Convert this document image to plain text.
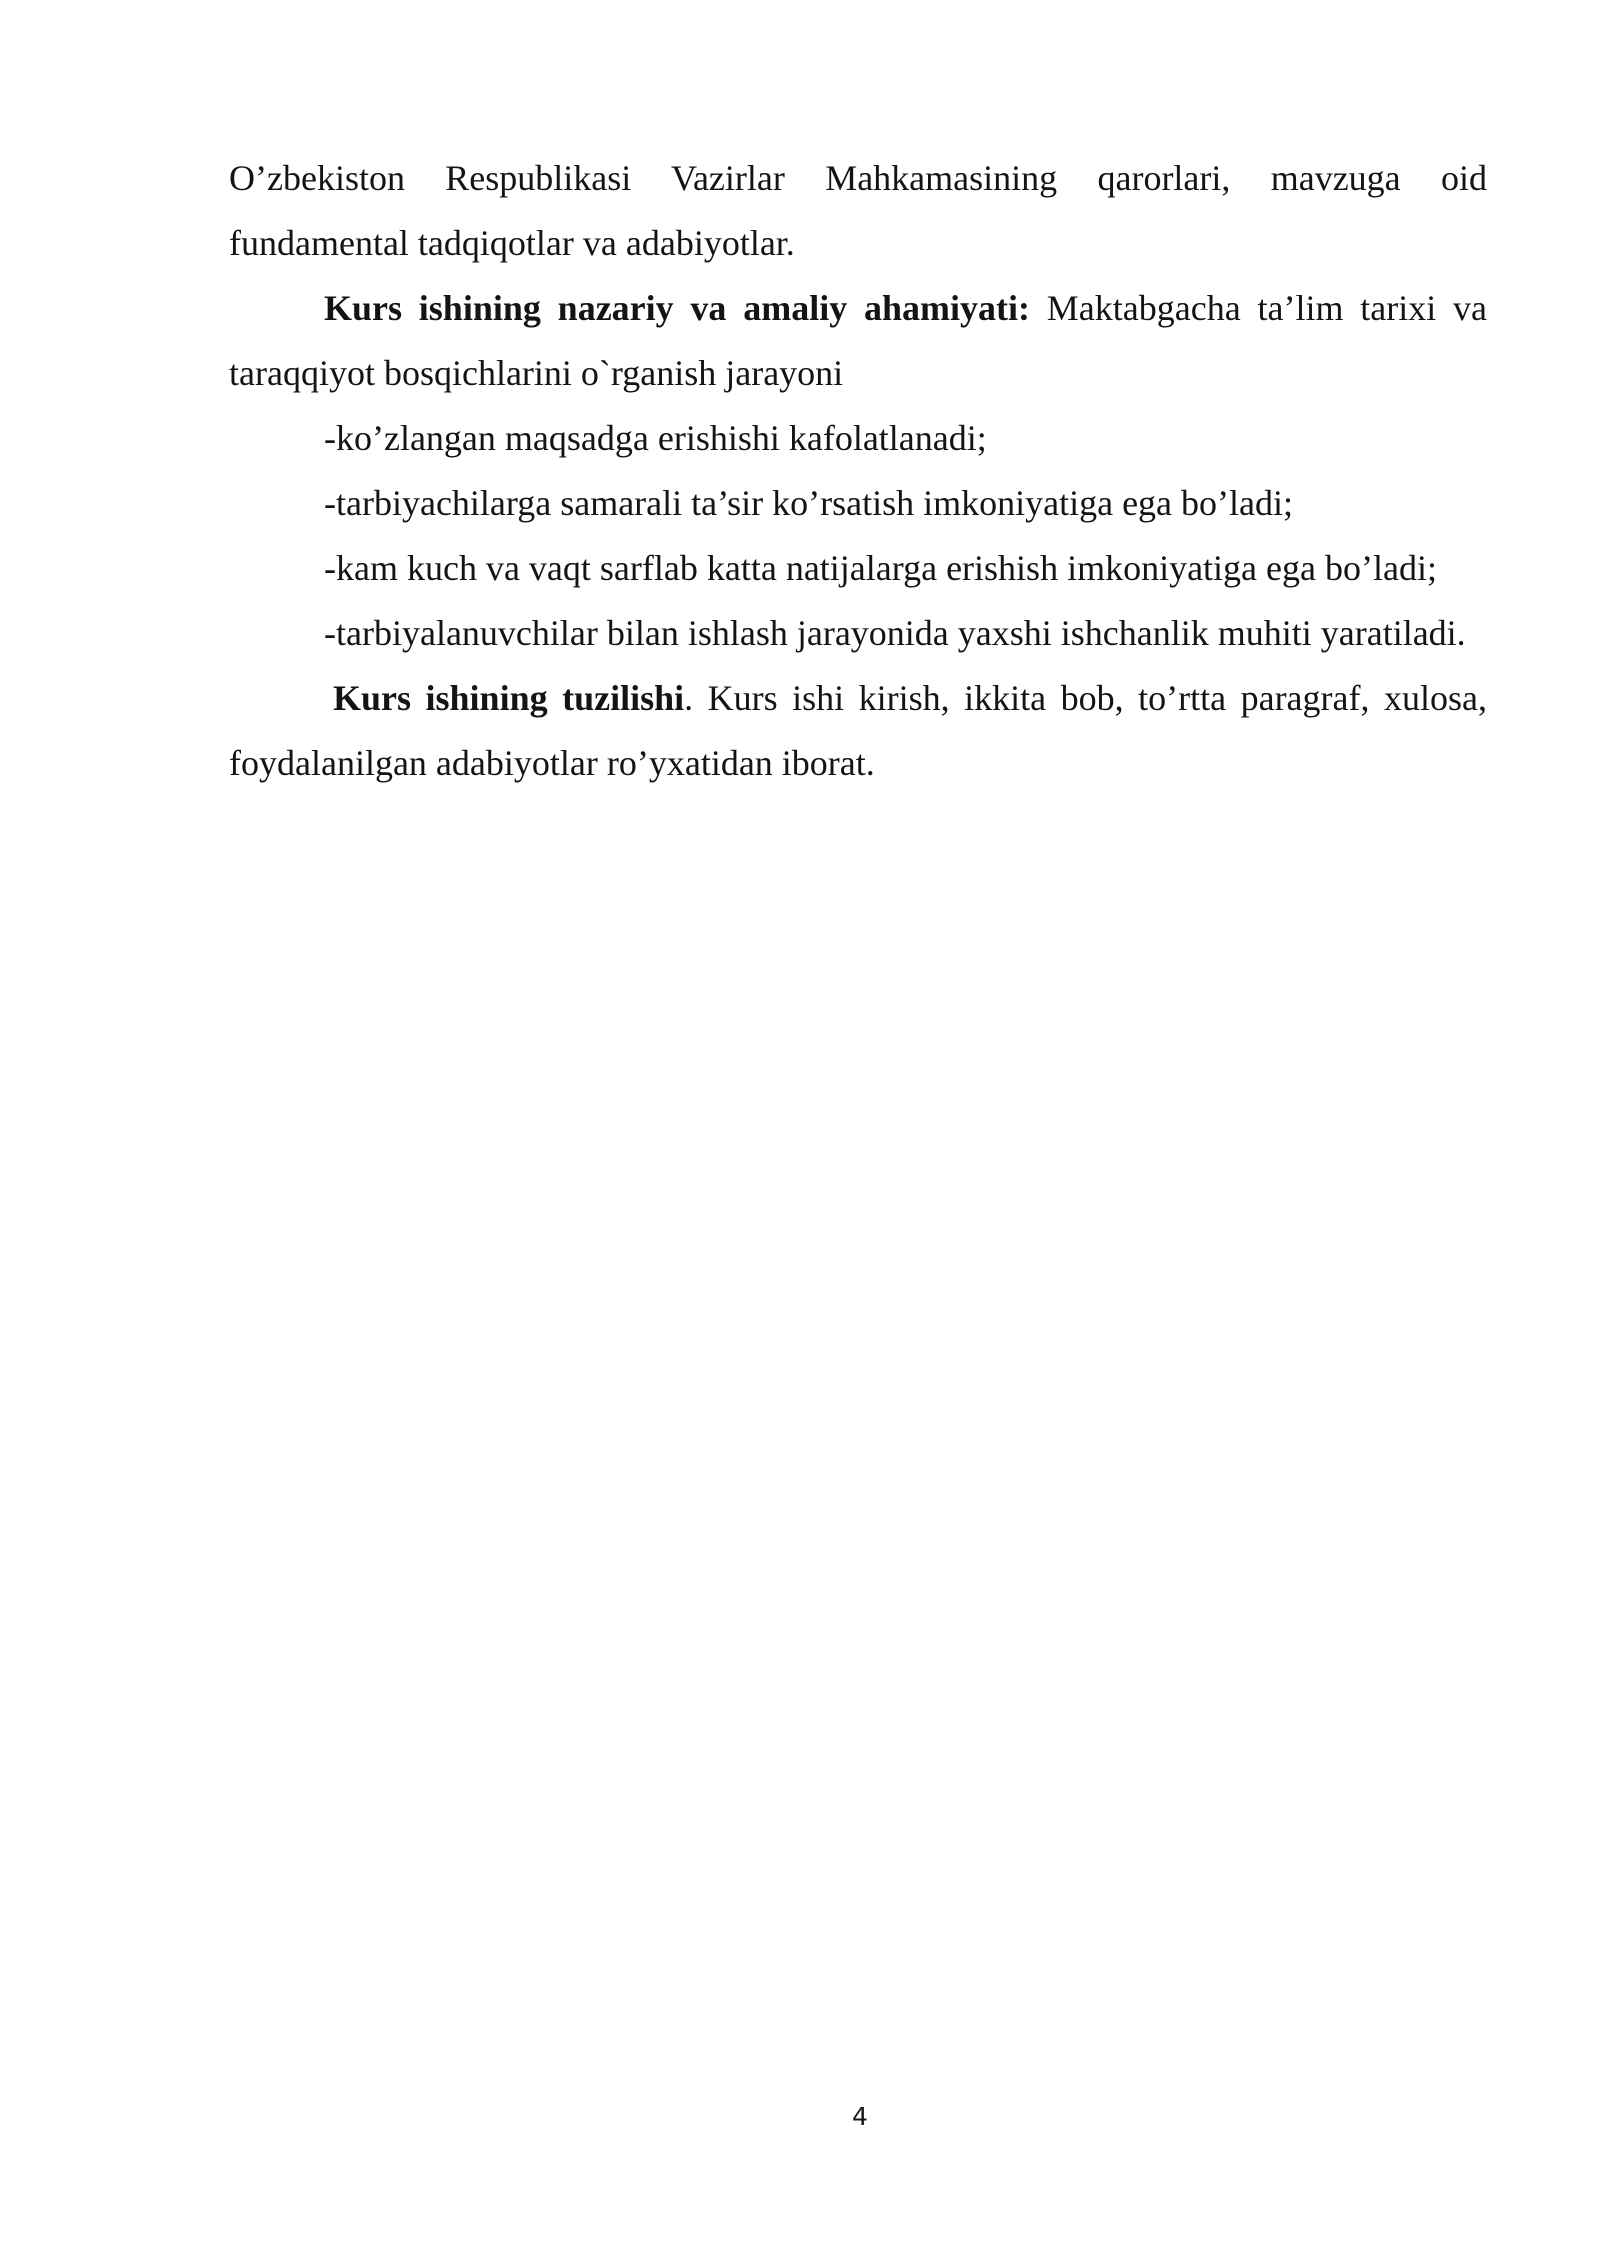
O’zbekiston Respublikasi Vazirlar Mahkamasining qarorlari, mavzuga oid fundamental tadqiqotlar va adabiyotlar.

Kurs ishining nazariy va amaliy ahamiyati: Maktabgacha ta’lim tarixi va taraqqiyot bosqichlarini o`rganish jarayoni

-ko’zlangan maqsadga erishishi kafolatlanadi;

-tarbiyachilarga samarali ta’sir ko’rsatish imkoniyatiga ega bo’ladi;

-kam kuch va vaqt sarflab katta natijalarga erishish imkoniyatiga ega bo’ladi;

-tarbiyalanuvchilar bilan ishlash jarayonida yaxshi ishchanlik muhiti yaratiladi.

Kurs ishining tuzilishi. Kurs ishi kirish, ikkita bob, to’rtta paragraf, xulosa, foydalanilgan adabiyotlar ro’yxatidan iborat.

4
